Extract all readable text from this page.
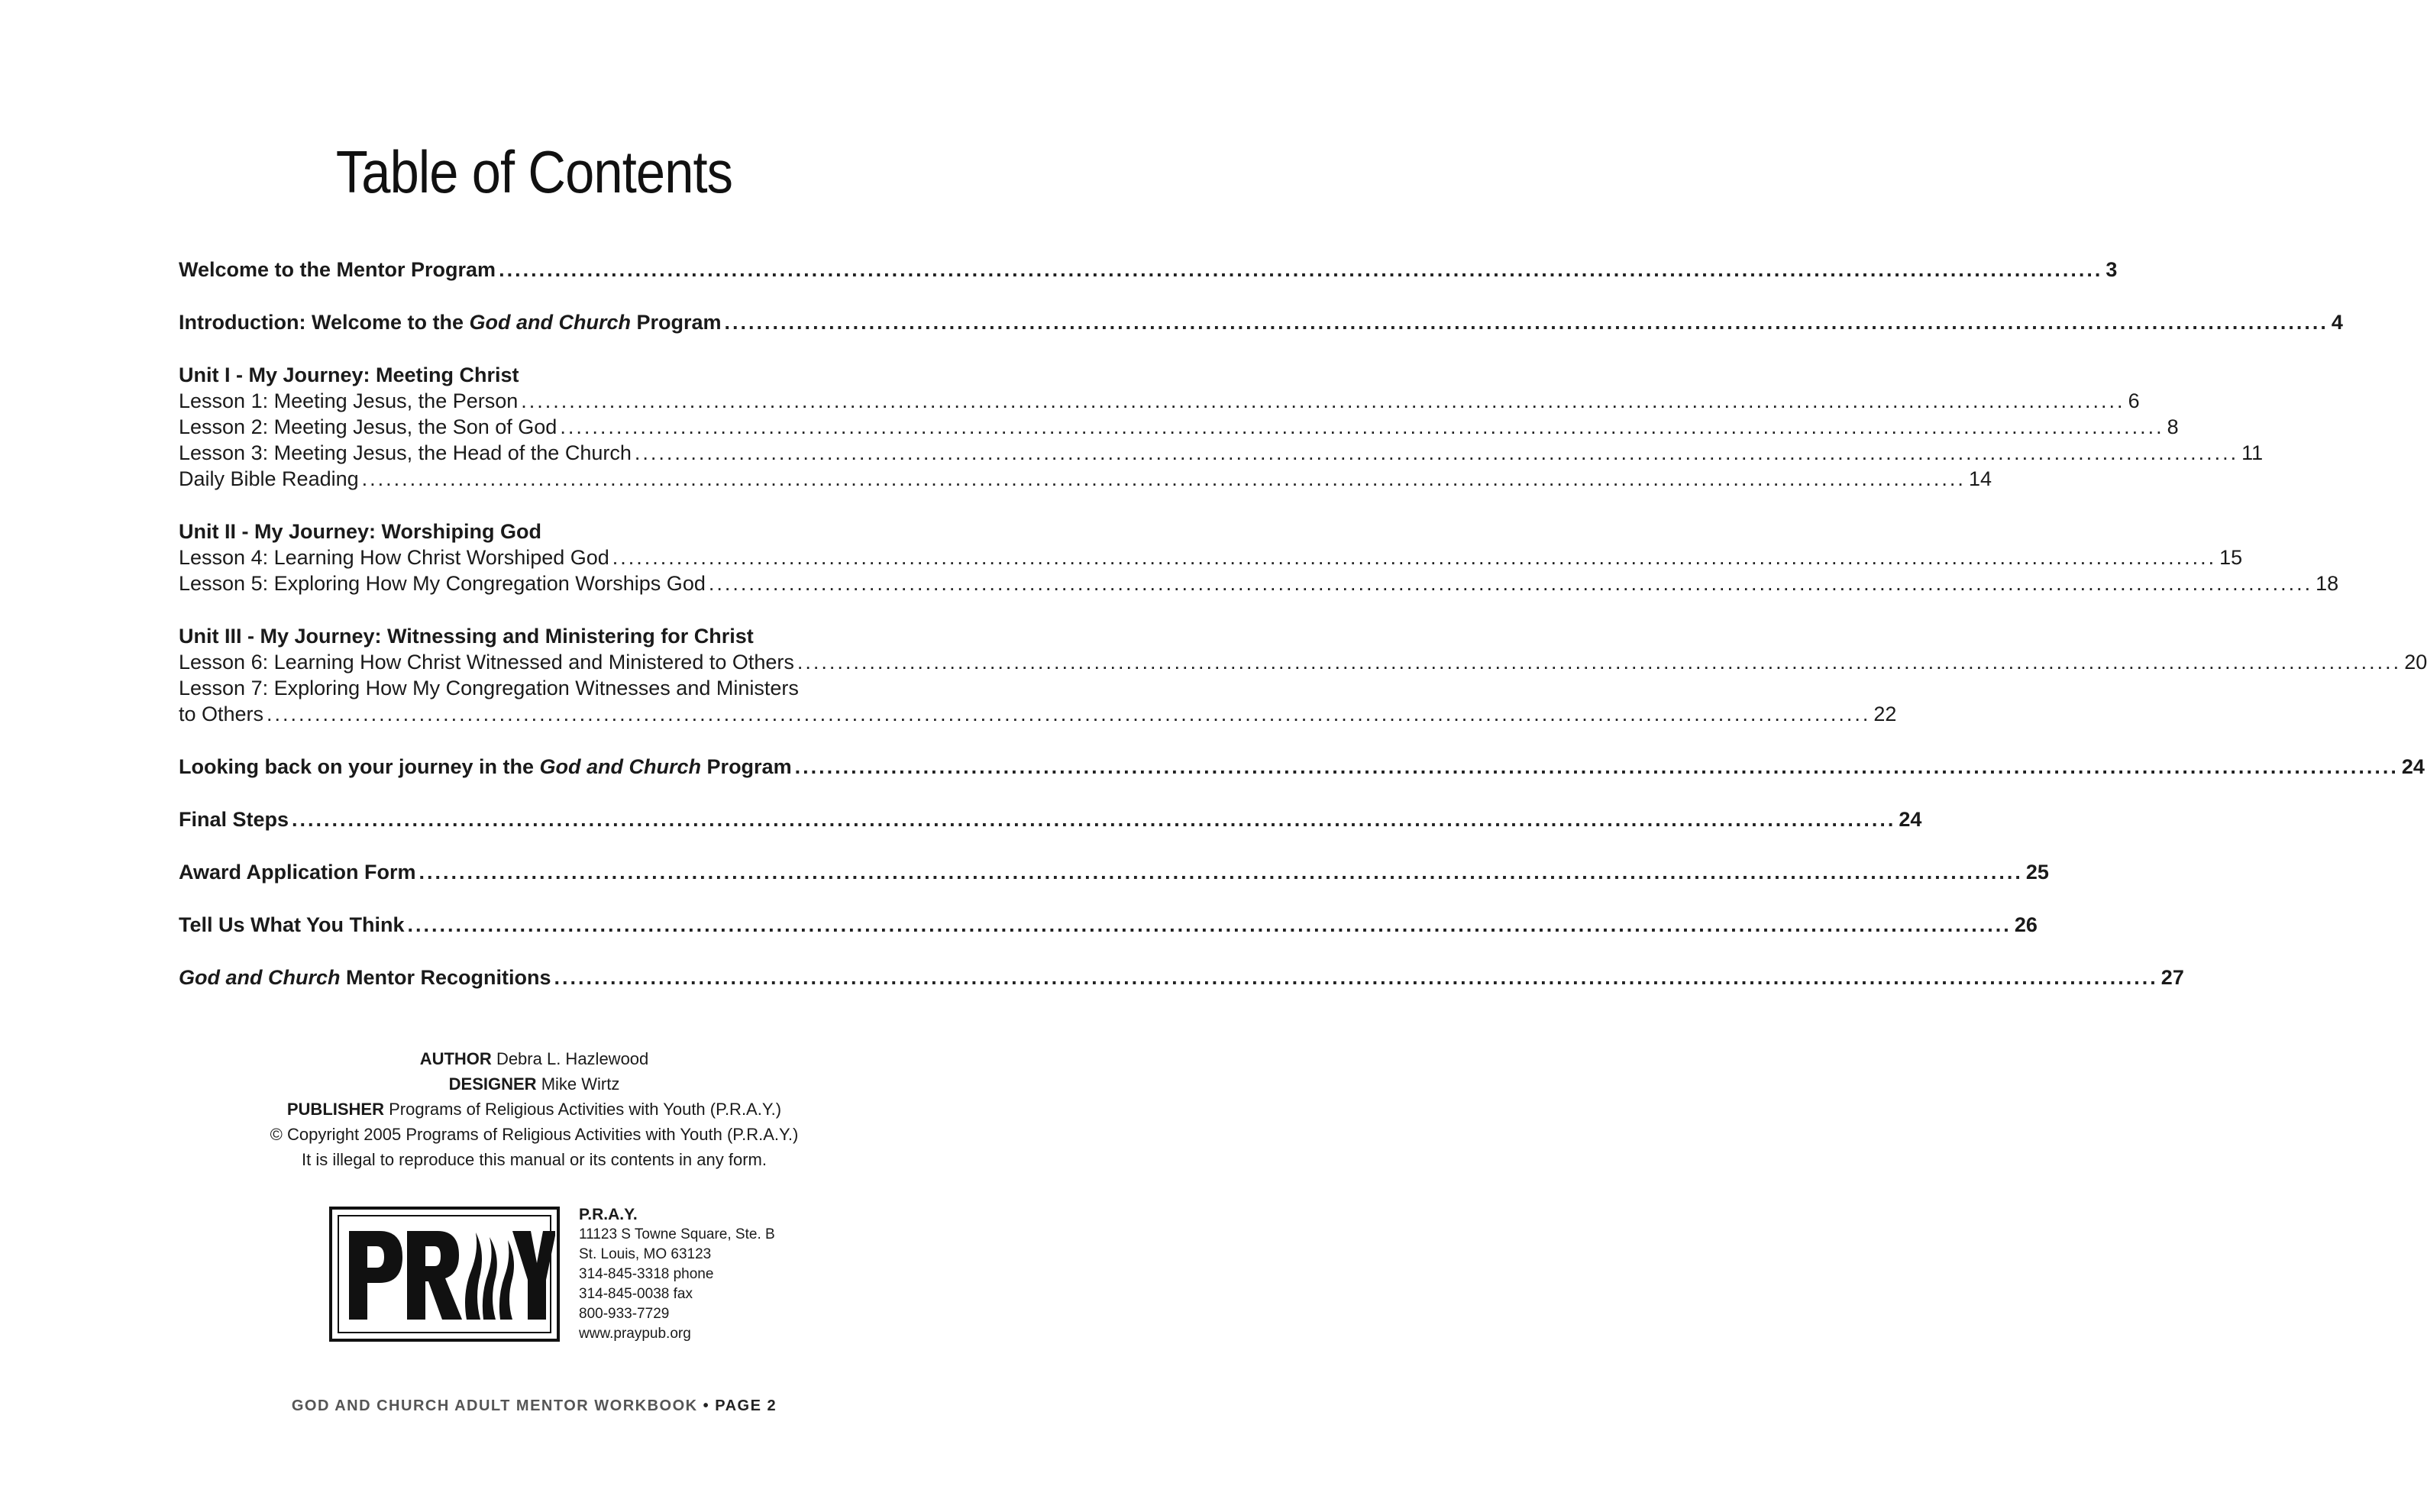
Table of Contents
Welcome to the Mentor Program ........................................................................................................................................................................................................ 3
Introduction: Welcome to the God and Church Program ........................................................................................................................................................................................................ 4
Unit I - My Journey: Meeting Christ
Lesson 1: Meeting Jesus, the Person ........................................................................................................................................................................................................ 6
Lesson 2: Meeting Jesus, the Son of God ........................................................................................................................................................................................................ 8
Lesson 3: Meeting Jesus, the Head of the Church ........................................................................................................................................................................................................ 11
Daily Bible Reading ........................................................................................................................................................................................................ 14
Unit II - My Journey: Worshiping God
Lesson 4: Learning How Christ Worshiped God ........................................................................................................................................................................................................ 15
Lesson 5: Exploring How My Congregation Worships God ........................................................................................................................................................................................................ 18
Unit III - My Journey: Witnessing and Ministering for Christ
Lesson 6: Learning How Christ Witnessed and Ministered to Others ........................................................................................................................................................................................................ 20
Lesson 7: Exploring How My Congregation Witnesses and Ministers
to Others ........................................................................................................................................................................................................ 22
Looking back on your journey in the God and Church Program ........................................................................................................................................................................................................ 24
Final Steps ........................................................................................................................................................................................................ 24
Award Application Form ........................................................................................................................................................................................................ 25
Tell Us What You Think ........................................................................................................................................................................................................ 26
God and Church Mentor Recognitions ........................................................................................................................................................................................................ 27
AUTHOR Debra L. Hazlewood
DESIGNER Mike Wirtz
PUBLISHER Programs of Religious Activities with Youth (P.R.A.Y.)
© Copyright 2005 Programs of Religious Activities with Youth (P.R.A.Y.)
It is illegal to reproduce this manual or its contents in any form.
P.R.A.Y.
11123 S Towne Square, Ste. B
St. Louis, MO 63123
314-845-3318 phone
314-845-0038 fax
800-933-7729
www.praypub.org
GOD AND CHURCH ADULT MENTOR WORKBOOK • PAGE 2
